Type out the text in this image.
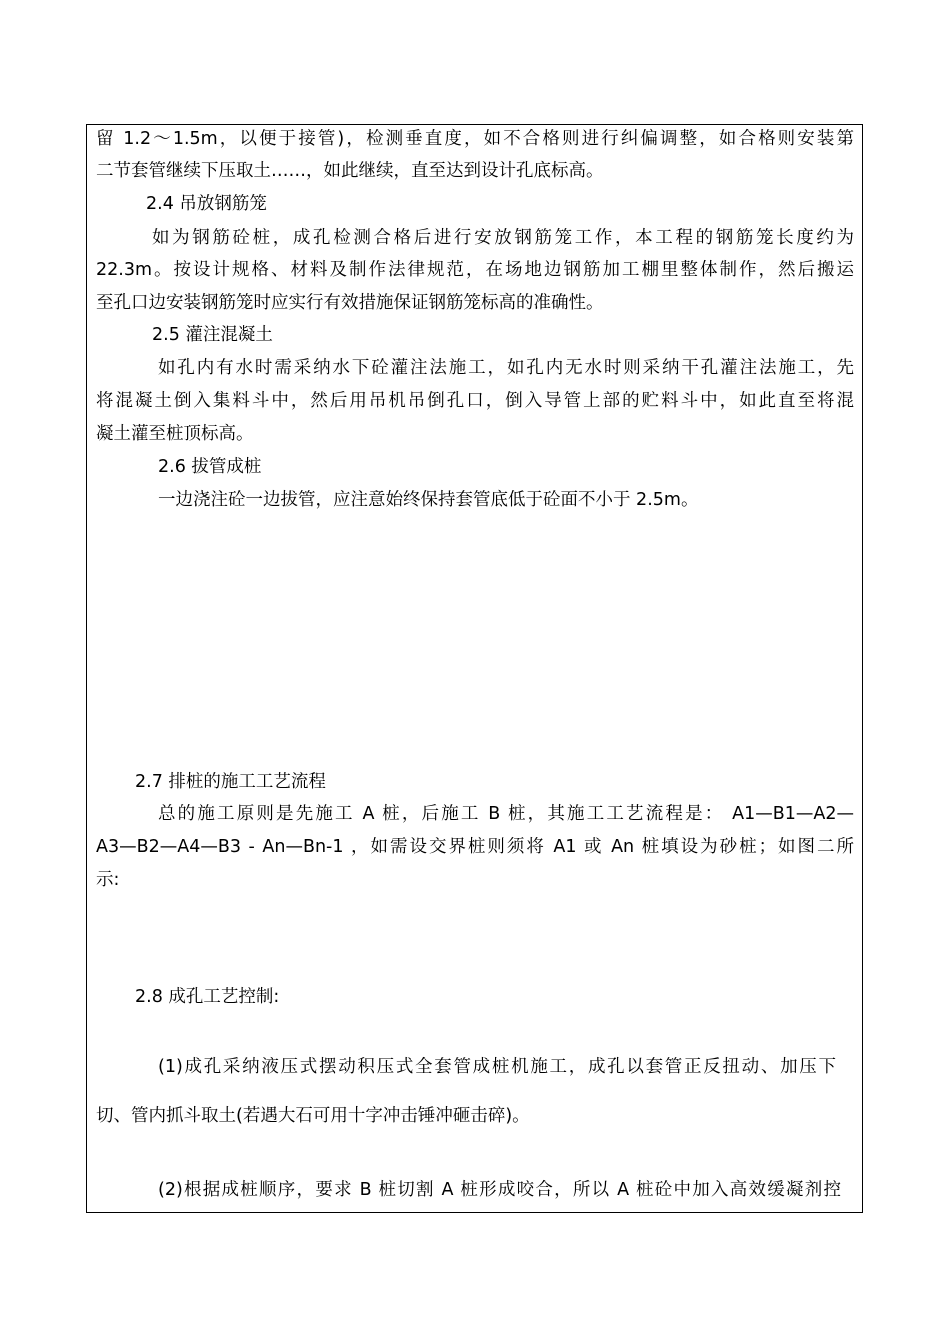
留 1.2～1.5m，以便于接管)，检测垂直度，如不合格则进行纠偏调整，如合格则安装第
二节套管继续下压取土……，如此继续，直至达到设计孔底标高。
2.4 吊放钢筋笼
如为钢筋砼桩，成孔检测合格后进行安放钢筋笼工作，本工程的钢筋笼长度约为
22.3m。按设计规格、材料及制作法律规范，在场地边钢筋加工棚里整体制作，然后搬运
至孔口边安装钢筋笼时应实行有效措施保证钢筋笼标高的准确性。
2.5 灌注混凝土
如孔内有水时需采纳水下砼灌注法施工，如孔内无水时则采纳干孔灌注法施工，先
将混凝土倒入集料斗中，然后用吊机吊倒孔口，倒入导管上部的贮料斗中，如此直至将混
凝土灌至桩顶标高。
2.6 拔管成桩
一边浇注砼一边拔管，应注意始终保持套管底低于砼面不小于 2.5m。
2.7 排桩的施工工艺流程
总的施工原则是先施工 A 桩，后施工 B 桩，其施工工艺流程是： A1—B1—A2—
A3—B2—A4—B3 - An—Bn-1 ，如需设交界桩则须将 A1 或 An 桩填设为砂桩；如图二所
示:
2.8 成孔工艺控制:
(1)成孔采纳液压式摆动积压式全套管成桩机施工，成孔以套管正反扭动、加压下
切、管内抓斗取土(若遇大石可用十字冲击锤冲砸击碎)。
(2)根据成桩顺序，要求 B 桩切割 A 桩形成咬合，所以 A 桩砼中加入高效缓凝剂控
